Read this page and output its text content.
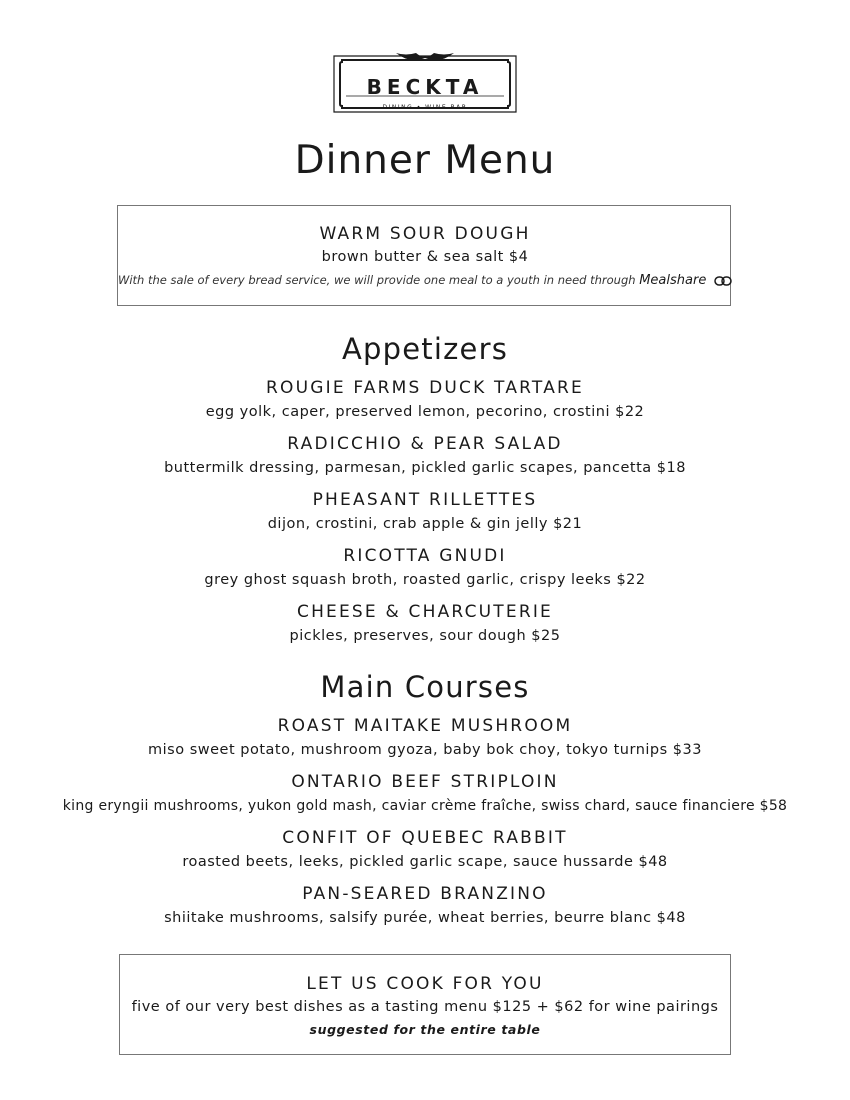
BECKTA
DINING • WINE BAR
Dinner Menu
WARM SOUR DOUGH
brown butter & sea salt $4
With the sale of every bread service, we will provide one meal to a youth in need through Mealshare
Appetizers
ROUGIE FARMS DUCK TARTARE
egg yolk, caper, preserved lemon, pecorino, crostini $22
RADICCHIO & PEAR SALAD
buttermilk dressing, parmesan, pickled garlic scapes, pancetta $18
PHEASANT RILLETTES
dijon, crostini, crab apple & gin jelly $21
RICOTTA GNUDI
grey ghost squash broth, roasted garlic, crispy leeks $22
CHEESE & CHARCUTERIE
pickles, preserves, sour dough $25
Main Courses
ROAST MAITAKE MUSHROOM
miso sweet potato, mushroom gyoza, baby bok choy, tokyo turnips $33
ONTARIO BEEF STRIPLOIN
king eryngii mushrooms, yukon gold mash, caviar crème fraîche, swiss chard, sauce financiere $58
CONFIT OF QUEBEC RABBIT
roasted beets, leeks, pickled garlic scape, sauce hussarde $48
PAN-SEARED BRANZINO
shiitake mushrooms, salsify purée, wheat berries, beurre blanc $48
LET US COOK FOR YOU
five of our very best dishes as a tasting menu $125 + $62 for wine pairings
suggested for the entire table
